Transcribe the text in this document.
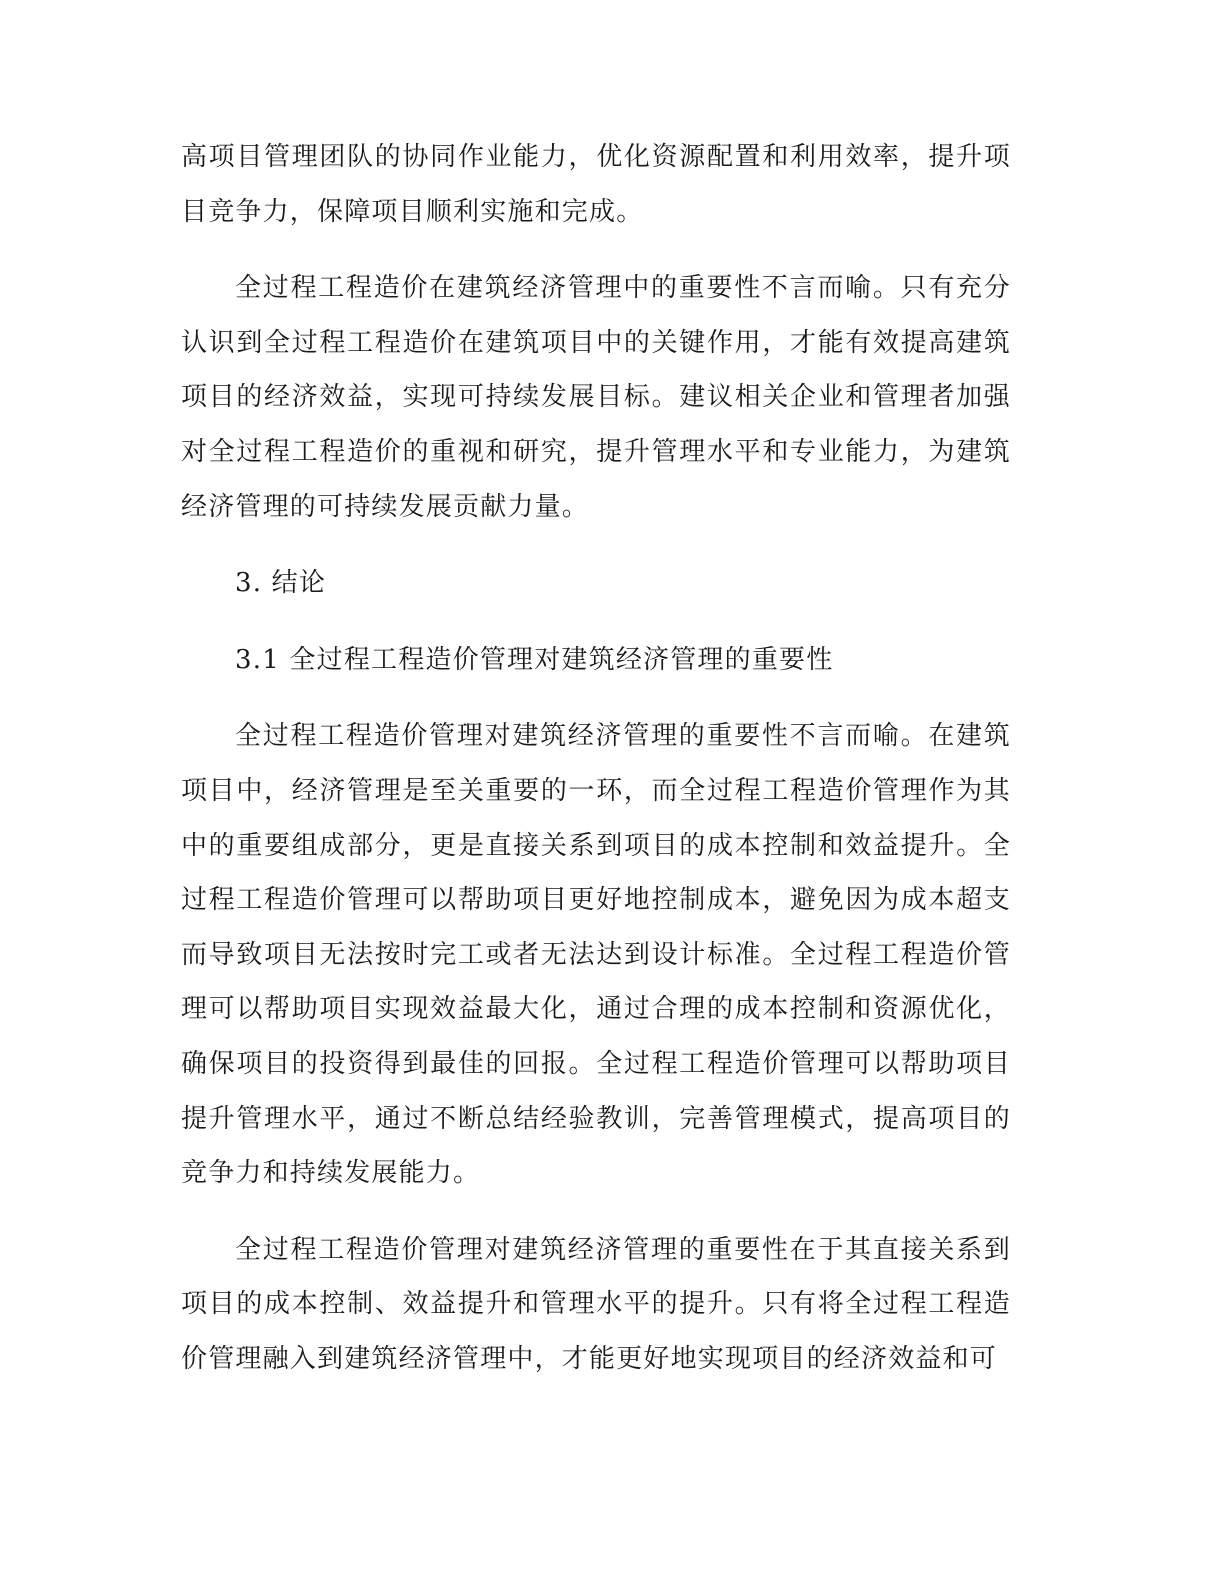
高项目管理团队的协同作业能力，优化资源配置和利用效率，提升项目竞争力，保障项目顺利实施和完成。

全过程工程造价在建筑经济管理中的重要性不言而喻。只有充分认识到全过程工程造价在建筑项目中的关键作用，才能有效提高建筑项目的经济效益，实现可持续发展目标。建议相关企业和管理者加强对全过程工程造价的重视和研究，提升管理水平和专业能力，为建筑经济管理的可持续发展贡献力量。

3. 结论

3.1 全过程工程造价管理对建筑经济管理的重要性

全过程工程造价管理对建筑经济管理的重要性不言而喻。在建筑项目中，经济管理是至关重要的一环，而全过程工程造价管理作为其中的重要组成部分，更是直接关系到项目的成本控制和效益提升。全过程工程造价管理可以帮助项目更好地控制成本，避免因为成本超支而导致项目无法按时完工或者无法达到设计标准。全过程工程造价管理可以帮助项目实现效益最大化，通过合理的成本控制和资源优化，确保项目的投资得到最佳的回报。全过程工程造价管理可以帮助项目提升管理水平，通过不断总结经验教训，完善管理模式，提高项目的竞争力和持续发展能力。

全过程工程造价管理对建筑经济管理的重要性在于其直接关系到项目的成本控制、效益提升和管理水平的提升。只有将全过程工程造价管理融入到建筑经济管理中，才能更好地实现项目的经济效益和可
